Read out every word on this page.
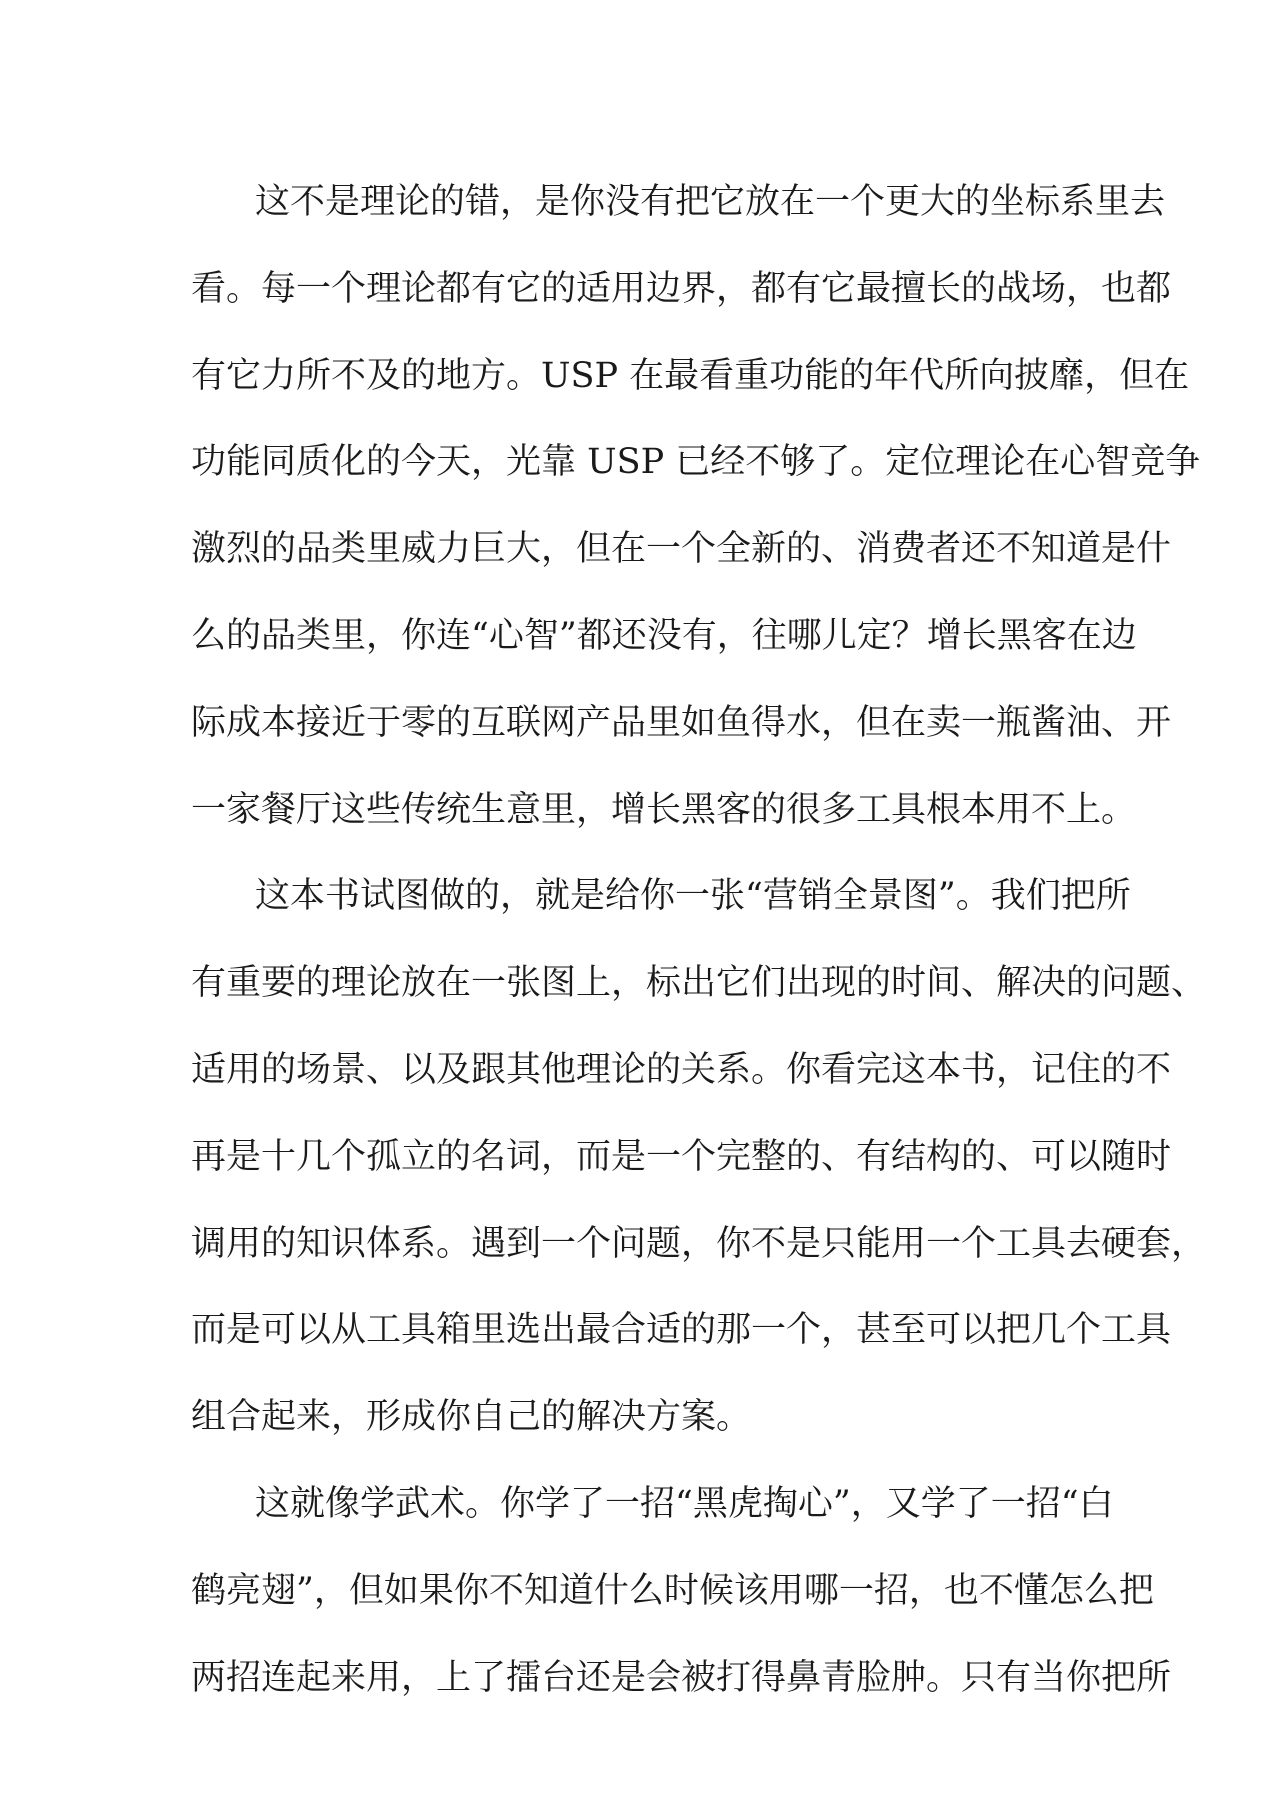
这不是理论的错，是你没有把它放在一个更大的坐标系里去
看。每一个理论都有它的适用边界，都有它最擅长的战场，也都
有它力所不及的地方。USP 在最看重功能的年代所向披靡，但在
功能同质化的今天，光靠 USP 已经不够了。定位理论在心智竞争
激烈的品类里威力巨大，但在一个全新的、消费者还不知道是什
么的品类里，你连“心智”都还没有，往哪儿定？增长黑客在边
际成本接近于零的互联网产品里如鱼得水，但在卖一瓶酱油、开
一家餐厅这些传统生意里，增长黑客的很多工具根本用不上。
这本书试图做的，就是给你一张“营销全景图”。我们把所
有重要的理论放在一张图上，标出它们出现的时间、解决的问题、
适用的场景、以及跟其他理论的关系。你看完这本书，记住的不
再是十几个孤立的名词，而是一个完整的、有结构的、可以随时
调用的知识体系。遇到一个问题，你不是只能用一个工具去硬套，
而是可以从工具箱里选出最合适的那一个，甚至可以把几个工具
组合起来，形成你自己的解决方案。
这就像学武术。你学了一招“黑虎掏心”，又学了一招“白
鹤亮翅”，但如果你不知道什么时候该用哪一招，也不懂怎么把
两招连起来用，上了擂台还是会被打得鼻青脸肿。只有当你把所
